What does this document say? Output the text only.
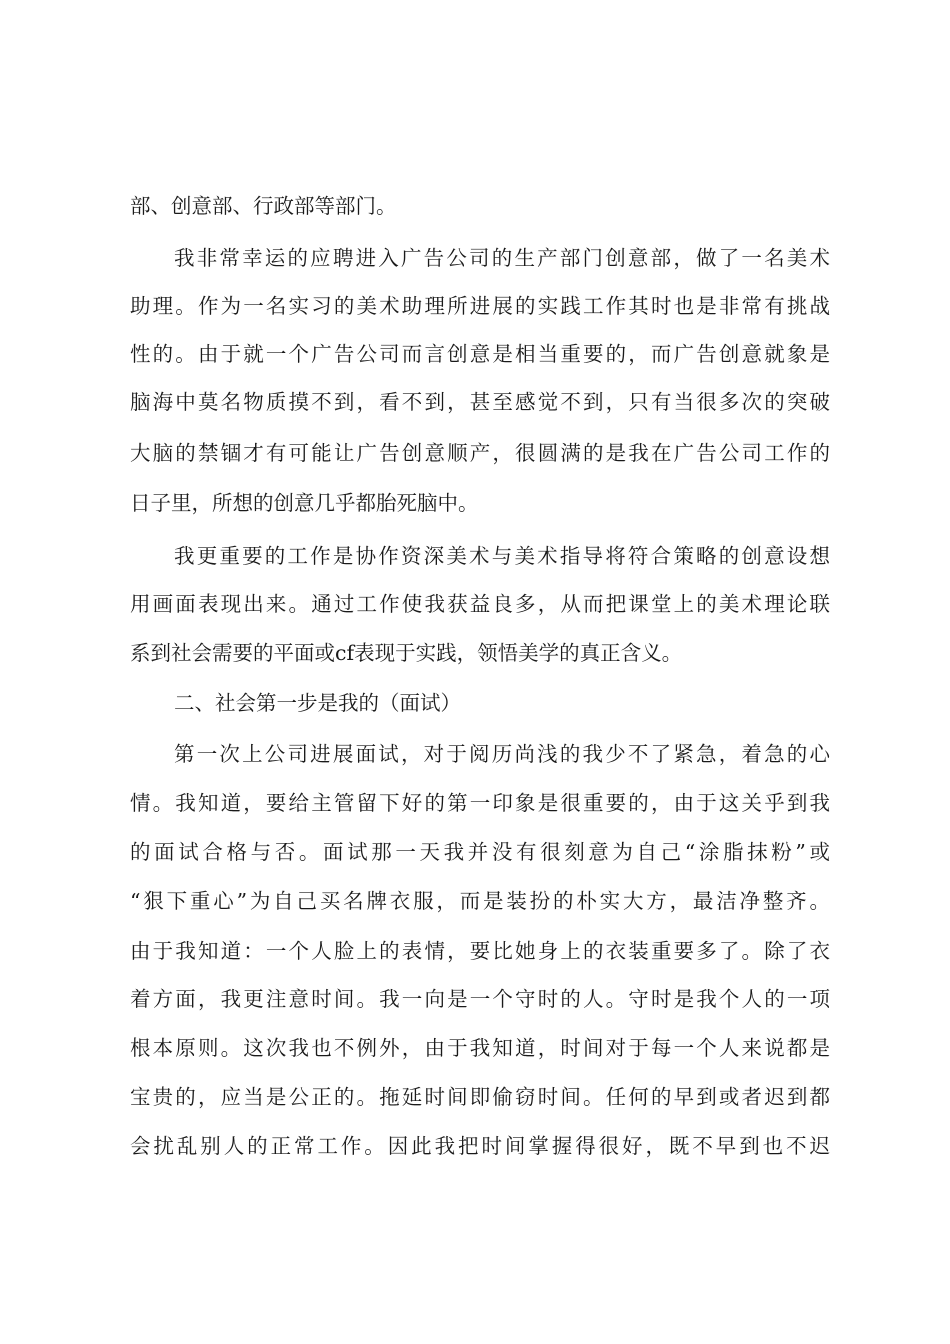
部、创意部、行政部等部门。

我非常幸运的应聘进入广告公司的生产部门创意部，做了一名美术

助理。作为一名实习的美术助理所进展的实践工作其时也是非常有挑战

性的。由于就一个广告公司而言创意是相当重要的，而广告创意就象是

脑海中莫名物质摸不到，看不到，甚至感觉不到，只有当很多次的突破

大脑的禁锢才有可能让广告创意顺产，很圆满的是我在广告公司工作的

日子里，所想的创意几乎都胎死脑中。

我更重要的工作是协作资深美术与美术指导将符合策略的创意设想

用画面表现出来。通过工作使我获益良多，从而把课堂上的美术理论联

系到社会需要的平面或cf表现于实践，领悟美学的真正含义。

二、社会第一步是我的（面试）

第一次上公司进展面试，对于阅历尚浅的我少不了紧急，着急的心

情。我知道，要给主管留下好的第一印象是很重要的，由于这关乎到我

的面试合格与否。面试那一天我并没有很刻意为自己“涂脂抹粉”或

“狠下重心”为自己买名牌衣服，而是装扮的朴实大方，最洁净整齐。

由于我知道：一个人脸上的表情，要比她身上的衣装重要多了。除了衣

着方面，我更注意时间。我一向是一个守时的人。守时是我个人的一项

根本原则。这次我也不例外，由于我知道，时间对于每一个人来说都是

宝贵的，应当是公正的。拖延时间即偷窃时间。任何的早到或者迟到都

会扰乱别人的正常工作。因此我把时间掌握得很好，既不早到也不迟
